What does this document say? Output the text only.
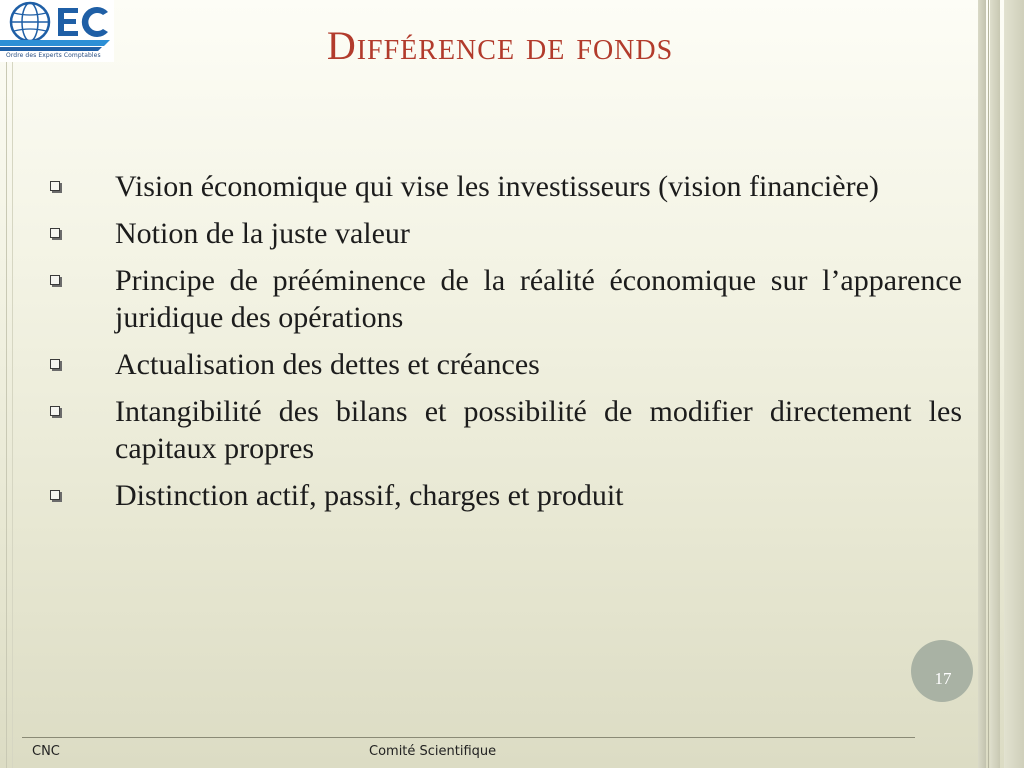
Ordre des Experts Comptables	Différence de fonds
Vision économique qui vise les investisseurs (vision financière)
Notion de la juste valeur
Principe de prééminence de la réalité économique sur l’apparence juridique des opérations
Actualisation des dettes et créances
Intangibilité des bilans et possibilité de modifier directement les capitaux propres
Distinction actif, passif, charges et produit
17
CNC	Comité Scientifique
